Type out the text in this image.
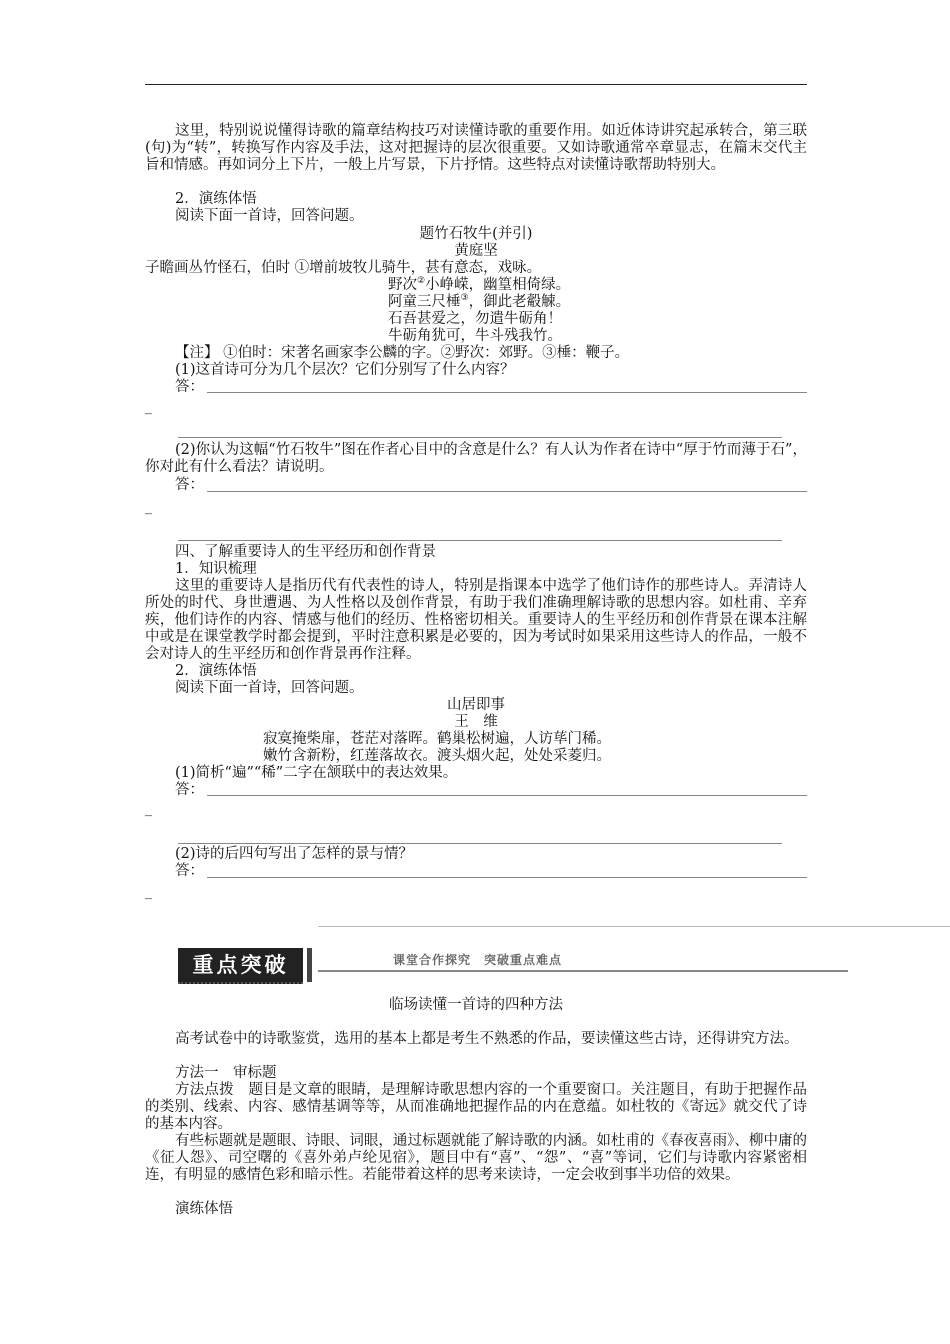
这里，特别说说懂得诗歌的篇章结构技巧对读懂诗歌的重要作用。如近体诗讲究起承转合，第三联(句)为“转”，转换写作内容及手法，这对把握诗的层次很重要。又如诗歌通常卒章显志，在篇末交代主旨和情感。再如词分上下片，一般上片写景，下片抒情。这些特点对读懂诗歌帮助特别大。
2．演练体悟
阅读下面一首诗，回答问题。
题竹石牧牛(并引)
黄庭坚
子瞻画丛竹怪石，伯时 ①增前坡牧儿骑牛，甚有意态，戏咏。
野次②小峥嵘，幽篁相倚绿。
阿童三尺棰③，御此老觳觫。
石吾甚爱之，勿遣牛砺角！
牛砺角犹可，牛斗残我竹。
【注】 ①伯时：宋著名画家李公麟的字。②野次：郊野。③棰：鞭子。
(1)这首诗可分为几个层次？它们分别写了什么内容？
答：
_
(2)你认为这幅“竹石牧牛”图在作者心目中的含意是什么？有人认为作者在诗中“厚于竹而薄于石”，你对此有什么看法？请说明。
答：
_
四、了解重要诗人的生平经历和创作背景
1．知识梳理
这里的重要诗人是指历代有代表性的诗人，特别是指课本中选学了他们诗作的那些诗人。弄清诗人所处的时代、身世遭遇、为人性格以及创作背景，有助于我们准确理解诗歌的思想内容。如杜甫、辛弃疾，他们诗作的内容、情感与他们的经历、性格密切相关。重要诗人的生平经历和创作背景在课本注解中或是在课堂教学时都会提到，平时注意积累是必要的，因为考试时如果采用这些诗人的作品，一般不会对诗人的生平经历和创作背景再作注释。
2．演练体悟
阅读下面一首诗，回答问题。
山居即事
王　维
寂寞掩柴扉，苍茫对落晖。鹤巢松树遍，人访荜门稀。
嫩竹含新粉，红莲落故衣。渡头烟火起，处处采菱归。
(1)简析“遍”“稀”二字在颔联中的表达效果。
答：
_
(2)诗的后四句写出了怎样的景与情？
答：
_
重点突破	课堂合作探究　突破重点难点
临场读懂一首诗的四种方法
高考试卷中的诗歌鉴赏，选用的基本上都是考生不熟悉的作品，要读懂这些古诗，还得讲究方法。
方法一　审标题
方法点拨　题目是文章的眼睛，是理解诗歌思想内容的一个重要窗口。关注题目，有助于把握作品的类别、线索、内容、感情基调等等，从而准确地把握作品的内在意蕴。如杜牧的《寄远》就交代了诗的基本内容。
有些标题就是题眼、诗眼、词眼，通过标题就能了解诗歌的内涵。如杜甫的《春夜喜雨》、柳中庸的《征人怨》、司空曙的《喜外弟卢纶见宿》，题目中有“喜”、“怨”、“喜”等词，它们与诗歌内容紧密相连，有明显的感情色彩和暗示性。若能带着这样的思考来读诗，一定会收到事半功倍的效果。
演练体悟
